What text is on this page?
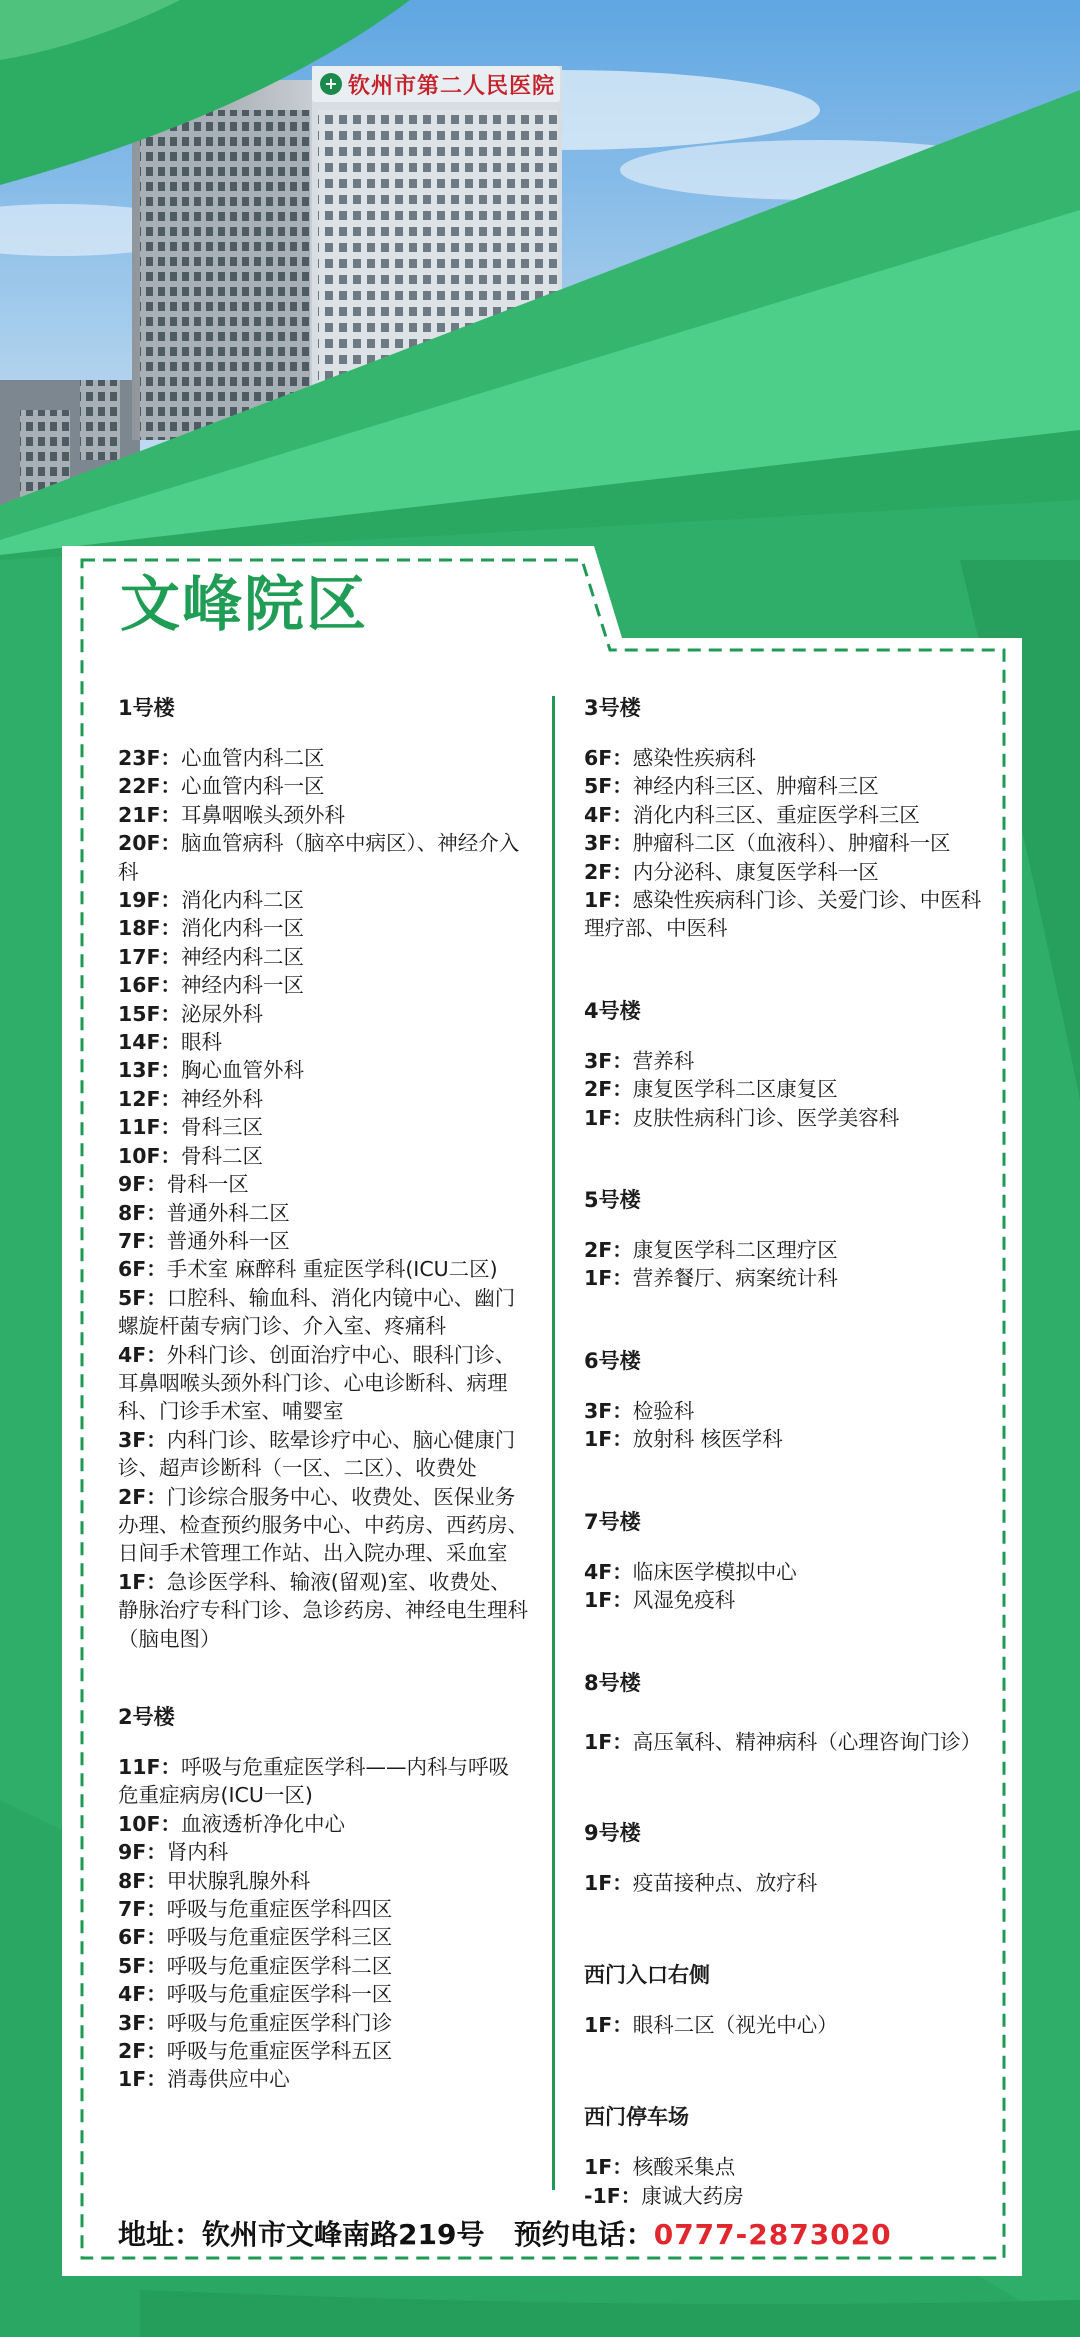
+
钦州市第二人民医院
文峰院区
1号楼
23F：心血管内科二区
22F：心血管内科一区
21F：耳鼻咽喉头颈外科
20F：脑血管病科（脑卒中病区）、神经介入科
19F：消化内科二区
18F：消化内科一区
17F：神经内科二区
16F：神经内科一区
15F：泌尿外科
14F：眼科
13F：胸心血管外科
12F：神经外科
11F：骨科三区
10F：骨科二区
9F：骨科一区
8F：普通外科二区
7F：普通外科一区
6F：手术室 麻醉科 重症医学科(ICU二区)
5F：口腔科、输血科、消化内镜中心、幽门螺旋杆菌专病门诊、介入室、疼痛科
4F：外科门诊、创面治疗中心、眼科门诊、耳鼻咽喉头颈外科门诊、心电诊断科、病理科、门诊手术室、哺婴室
3F：内科门诊、眩晕诊疗中心、脑心健康门诊、超声诊断科（一区、二区）、收费处
2F：门诊综合服务中心、收费处、医保业务办理、检查预约服务中心、中药房、西药房、日间手术管理工作站、出入院办理、采血室
1F：急诊医学科、输液(留观)室、收费处、静脉治疗专科门诊、急诊药房、神经电生理科（脑电图）
2号楼
11F：呼吸与危重症医学科——内科与呼吸危重症病房(ICU一区)
10F：血液透析净化中心
9F：肾内科
8F：甲状腺乳腺外科
7F：呼吸与危重症医学科四区
6F：呼吸与危重症医学科三区
5F：呼吸与危重症医学科二区
4F：呼吸与危重症医学科一区
3F：呼吸与危重症医学科门诊
2F：呼吸与危重症医学科五区
1F：消毒供应中心
3号楼
6F：感染性疾病科
5F：神经内科三区、肿瘤科三区
4F：消化内科三区、重症医学科三区
3F：肿瘤科二区（血液科）、肿瘤科一区
2F：内分泌科、康复医学科一区
1F：感染性疾病科门诊、关爱门诊、中医科理疗部、中医科
4号楼
3F：营养科
2F：康复医学科二区康复区
1F：皮肤性病科门诊、医学美容科
5号楼
2F：康复医学科二区理疗区
1F：营养餐厅、病案统计科
6号楼
3F：检验科
1F：放射科 核医学科
7号楼
4F：临床医学模拟中心
1F：风湿免疫科
8号楼
1F：高压氧科、精神病科（心理咨询门诊）
9号楼
1F：疫苗接种点、放疗科
西门入口右侧
1F：眼科二区（视光中心）
西门停车场
1F：核酸采集点
-1F：康诚大药房
地址：钦州市文峰南路219号 预约电话：0777-2873020
